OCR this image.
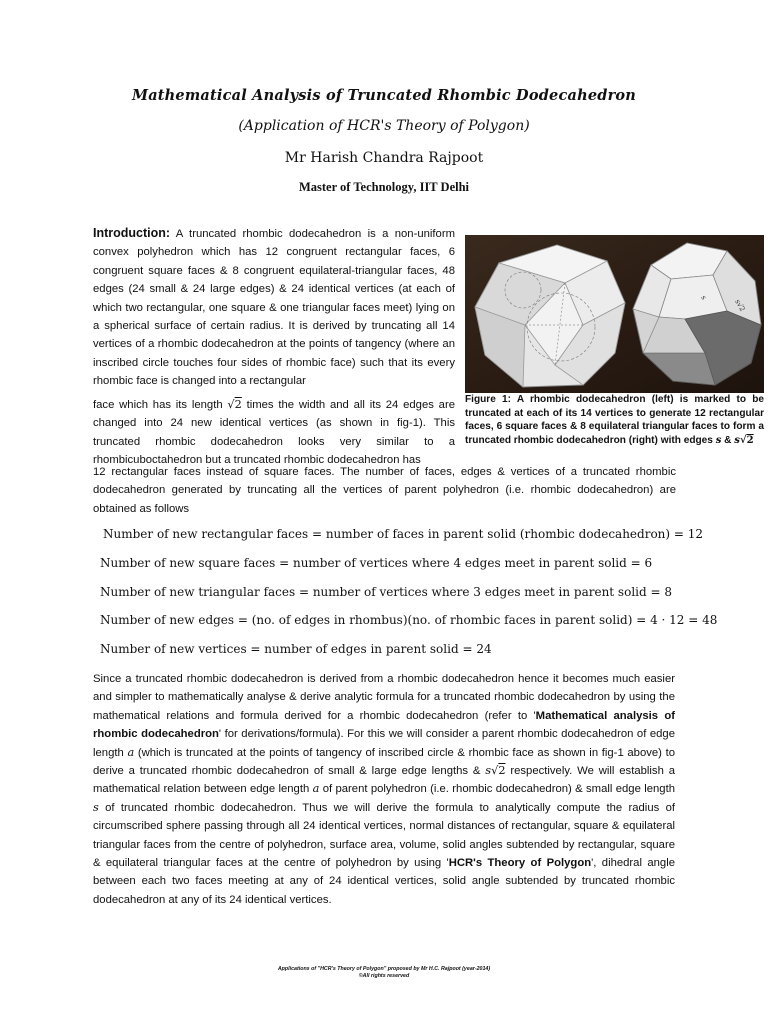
Mathematical Analysis of Truncated Rhombic Dodecahedron
(Application of HCR's Theory of Polygon)
Mr Harish Chandra Rajpoot
Master of Technology, IIT Delhi
Introduction: A truncated rhombic dodecahedron is a non-uniform convex polyhedron which has 12 congruent rectangular faces, 6 congruent square faces & 8 congruent equilateral-triangular faces, 48 edges (24 small & 24 large edges) & 24 identical vertices (at each of which two rectangular, one square & one triangular faces meet) lying on a spherical surface of certain radius. It is derived by truncating all 14 vertices of a rhombic dodecahedron at the points of tangency (where an inscribed circle touches four sides of rhombic face) such that its every rhombic face is changed into a rectangular
face which has its length √2 times the width and all its 24 edges are changed into 24 new identical vertices (as shown in fig-1). This truncated rhombic dodecahedron looks very similar to a rhombicuboctahedron but a truncated rhombic dodecahedron has
12 rectangular faces instead of square faces. The number of faces, edges & vertices of a truncated rhombic dodecahedron generated by truncating all the vertices of parent polyhedron (i.e. rhombic dodecahedron) are obtained as follows
s
s√2
Figure 1: A rhombic dodecahedron (left) is marked to be truncated at each of its 14 vertices to generate 12 rectangular faces, 6 square faces & 8 equilateral triangular faces to form a truncated rhombic dodecahedron (right) with edges s & s√2
Number of new rectangular faces = number of faces in parent solid (rhombic dodecahedron) = 12
Number of new square faces = number of vertices where 4 edges meet in parent solid = 6
Number of new triangular faces = number of vertices where 3 edges meet in parent solid = 8
Number of new edges = (no. of edges in rhombus)(no. of rhombic faces in parent solid) = 4 · 12 = 48
Number of new vertices = number of edges in parent solid = 24
Since a truncated rhombic dodecahedron is derived from a rhombic dodecahedron hence it becomes much easier and simpler to mathematically analyse & derive analytic formula for a truncated rhombic dodecahedron by using the mathematical relations and formula derived for a rhombic dodecahedron (refer to 'Mathematical analysis of rhombic dodecahedron' for derivations/formula). For this we will consider a parent rhombic dodecahedron of edge length a (which is truncated at the points of tangency of inscribed circle & rhombic face as shown in fig-1 above) to derive a truncated rhombic dodecahedron of small & large edge lengths & s√2 respectively. We will establish a mathematical relation between edge length a of parent polyhedron (i.e. rhombic dodecahedron) & small edge length s of truncated rhombic dodecahedron. Thus we will derive the formula to analytically compute the radius of circumscribed sphere passing through all 24 identical vertices, normal distances of rectangular, square & equilateral triangular faces from the centre of polyhedron, surface area, volume, solid angles subtended by rectangular, square & equilateral triangular faces at the centre of polyhedron by using 'HCR's Theory of Polygon', dihedral angle between each two faces meeting at any of 24 identical vertices, solid angle subtended by truncated rhombic dodecahedron at any of its 24 identical vertices.
Applications of "HCR's Theory of Polygon" proposed by Mr H.C. Rajpoot (year-2014)
©All rights reserved
